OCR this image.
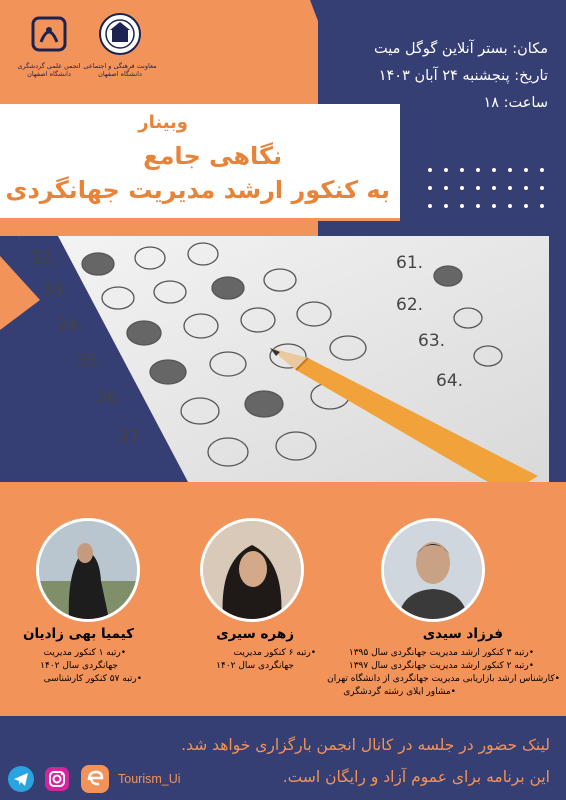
انجمن علمی گردشگری
دانشگاه اصفهان
معاونت فرهنگی و اجتماعی
دانشگاه اصفهان
مکان: بستر آنلاین گوگل میت
تاریخ: پنجشنبه ۲۴ آبان ۱۴۰۳
ساعت: ۱۸
وبینار
نگاهی جامع
به کنکور ارشد مدیریت جهانگردی
32.
33.
34.
35.
36.
37.
61.
62.
63.
64.
فرزاد سیدی
•رتبه ۳ کنکور ارشد مدیریت جهانگردی سال ۱۳۹۵
•رتبه ۲ کنکور ارشد مدیریت جهانگردی سال ۱۳۹۷
•کارشناس ارشد بازاریابی مدیریت جهانگردی از دانشگاه تهران
•مشاور ایلای رشته گردشگری
زهره سیری
•رتبه ۶ کنکور مدیریت
جهانگردی سال ۱۴۰۲
کیمیا بهی زادیان
•رتبه ۱ کنکور مدیریت
جهانگردی سال ۱۴۰۲
•رتبه ۵۷ کنکور کارشناسی
لینک حضور در جلسه در کانال انجمن بارگزاری خواهد شد.
این برنامه برای عموم آزاد و رایگان است.
Tourism_Ui
